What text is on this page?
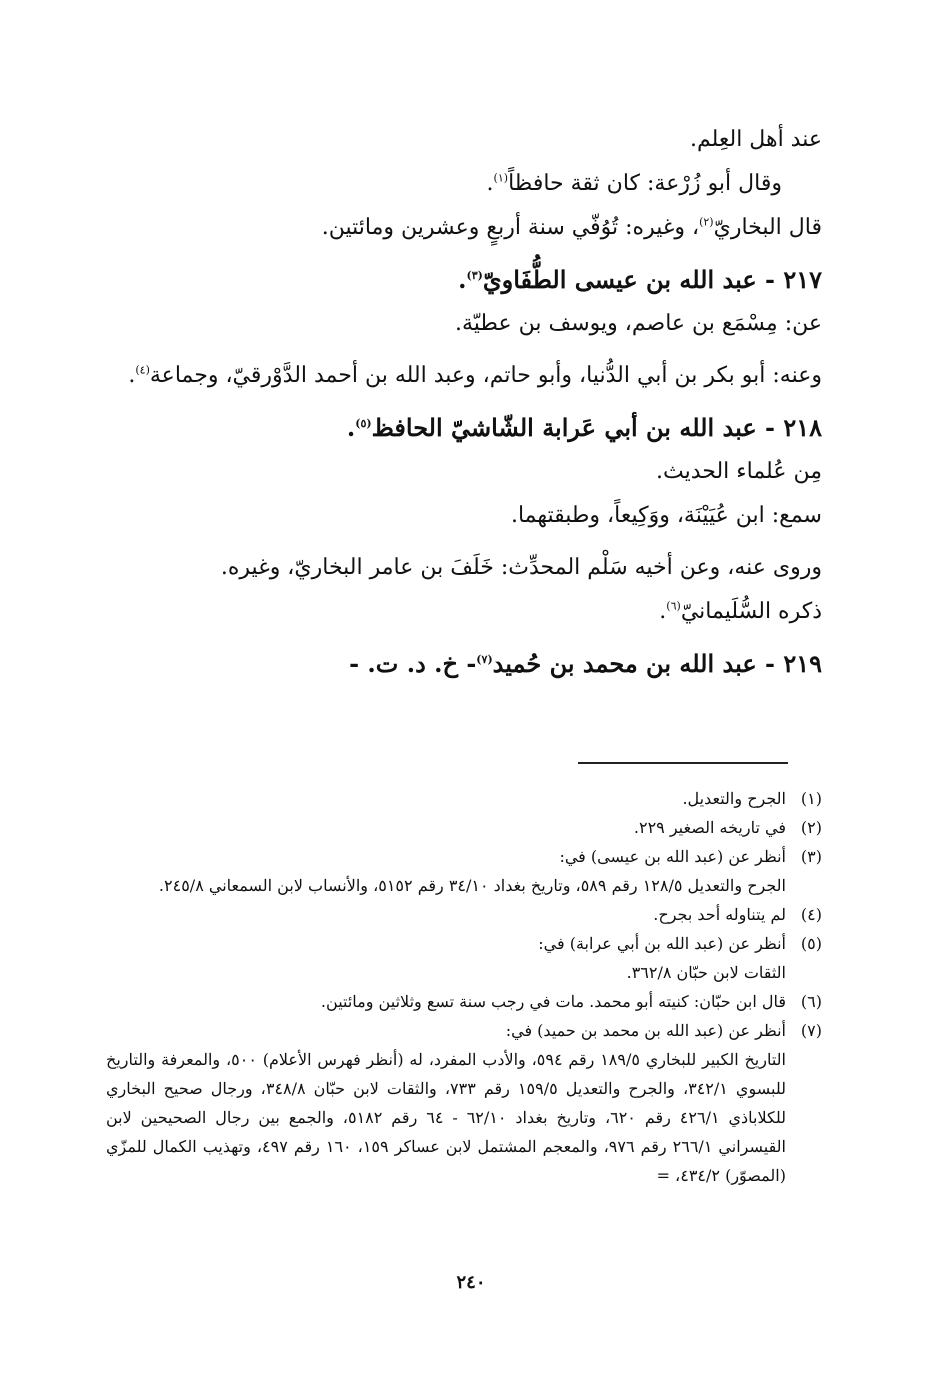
عند أهل العِلم.

وقال أبو زُرْعة: كان ثقة حافظاً$^{(١)}$.

قال البخاريّ$^{(٢)}$، وغيره: تُوُفّي سنة أربعٍ وعشرين ومائتين.

٢١٧ - عبد الله بن عيسى الطُّفَاويّ$^{(٣)}$.

عن: مِسْمَع بن عاصم، ويوسف بن عطيّة.

وعنه: أبو بكر بن أبي الدُّنيا، وأبو حاتم، وعبد الله بن أحمد الدَّوْرقيّ، وجماعة$^{(٤)}$.

٢١٨ - عبد الله بن أبي عَرابة الشّاشيّ الحافظ$^{(٥)}$.

مِن عُلماء الحديث.

سمع: ابن عُيَيْنَة، ووَكِيعاً، وطبقتهما.

وروى عنه، وعن أخيه سَلْم المحدِّث: خَلَفَ بن عامر البخاريّ، وغيره.

ذكره السُّلَيمانيّ$^{(٦)}$.

٢١٩ - عبد الله بن محمد بن حُميد$^{(٧)}$- خ. د. ت. -

(١)
الجرح والتعديل.
(٢)
في تاريخه الصغير ٢٢٩.
(٣)

أنظر عن (عبد الله بن عيسى) في:

الجرح والتعديل ١٢٨/٥ رقم ٥٨٩، وتاريخ بغداد ٣٤/١٠ رقم ٥١٥٢، والأنساب لابن السمعاني ٢٤٥/٨.

(٤)
لم يتناوله أحد بجرح.
(٥)

أنظر عن (عبد الله بن أبي عرابة) في:

الثقات لابن حبّان ٣٦٢/٨.

(٦)
قال ابن حبّان: كنيته أبو محمد. مات في رجب سنة تسع وثلاثين ومائتين.
(٧)

أنظر عن (عبد الله بن محمد بن حميد) في:

التاريخ الكبير للبخاري ١٨٩/٥ رقم ٥٩٤، والأدب المفرد، له (أنظر فهرس الأعلام) ٥٠٠، والمعرفة والتاريخ للبسوي ٣٤٢/١، والجرح والتعديل ١٥٩/٥ رقم ٧٣٣، والثقات لابن حبّان ٣٤٨/٨، ورجال صحيح البخاري للكلاباذي ٤٢٦/١ رقم ٦٢٠، وتاريخ بغداد ٦٢/١٠ - ٦٤ رقم ٥١٨٢، والجمع بين رجال الصحيحين لابن القيسراني ٢٦٦/١ رقم ٩٧٦، والمعجم المشتمل لابن عساكر ١٥٩، ١٦٠ رقم ٤٩٧، وتهذيب الكمال للمزّي (المصوّر) ٤٣٤/٢، =

٢٤٠
